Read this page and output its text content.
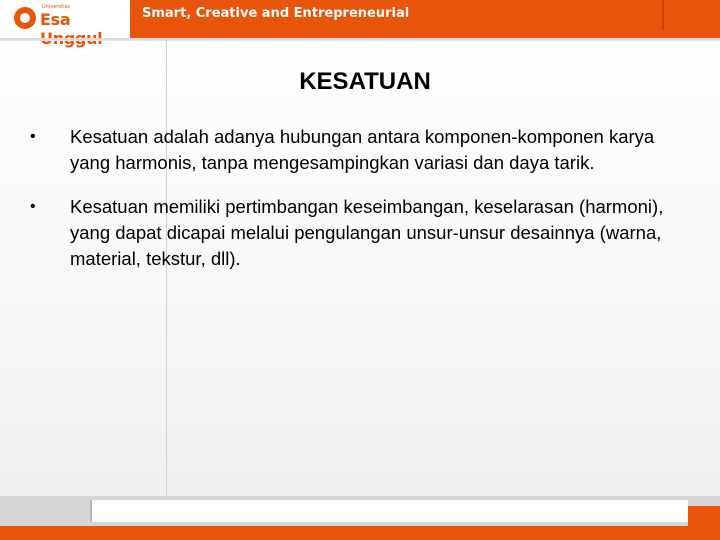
Universitas
Esa	Smart, Creative and Entrepreneurial
KESATUAN
• Kesatuan adalah adanya hubungan antara komponen-komponen karya yang harmonis, tanpa mengesampingkan variasi dan daya tarik.
• Kesatuan memiliki pertimbangan keseimbangan, keselarasan (harmoni), yang dapat dicapai melalui pengulangan unsur-unsur desainnya (warna, material, tekstur, dll).
